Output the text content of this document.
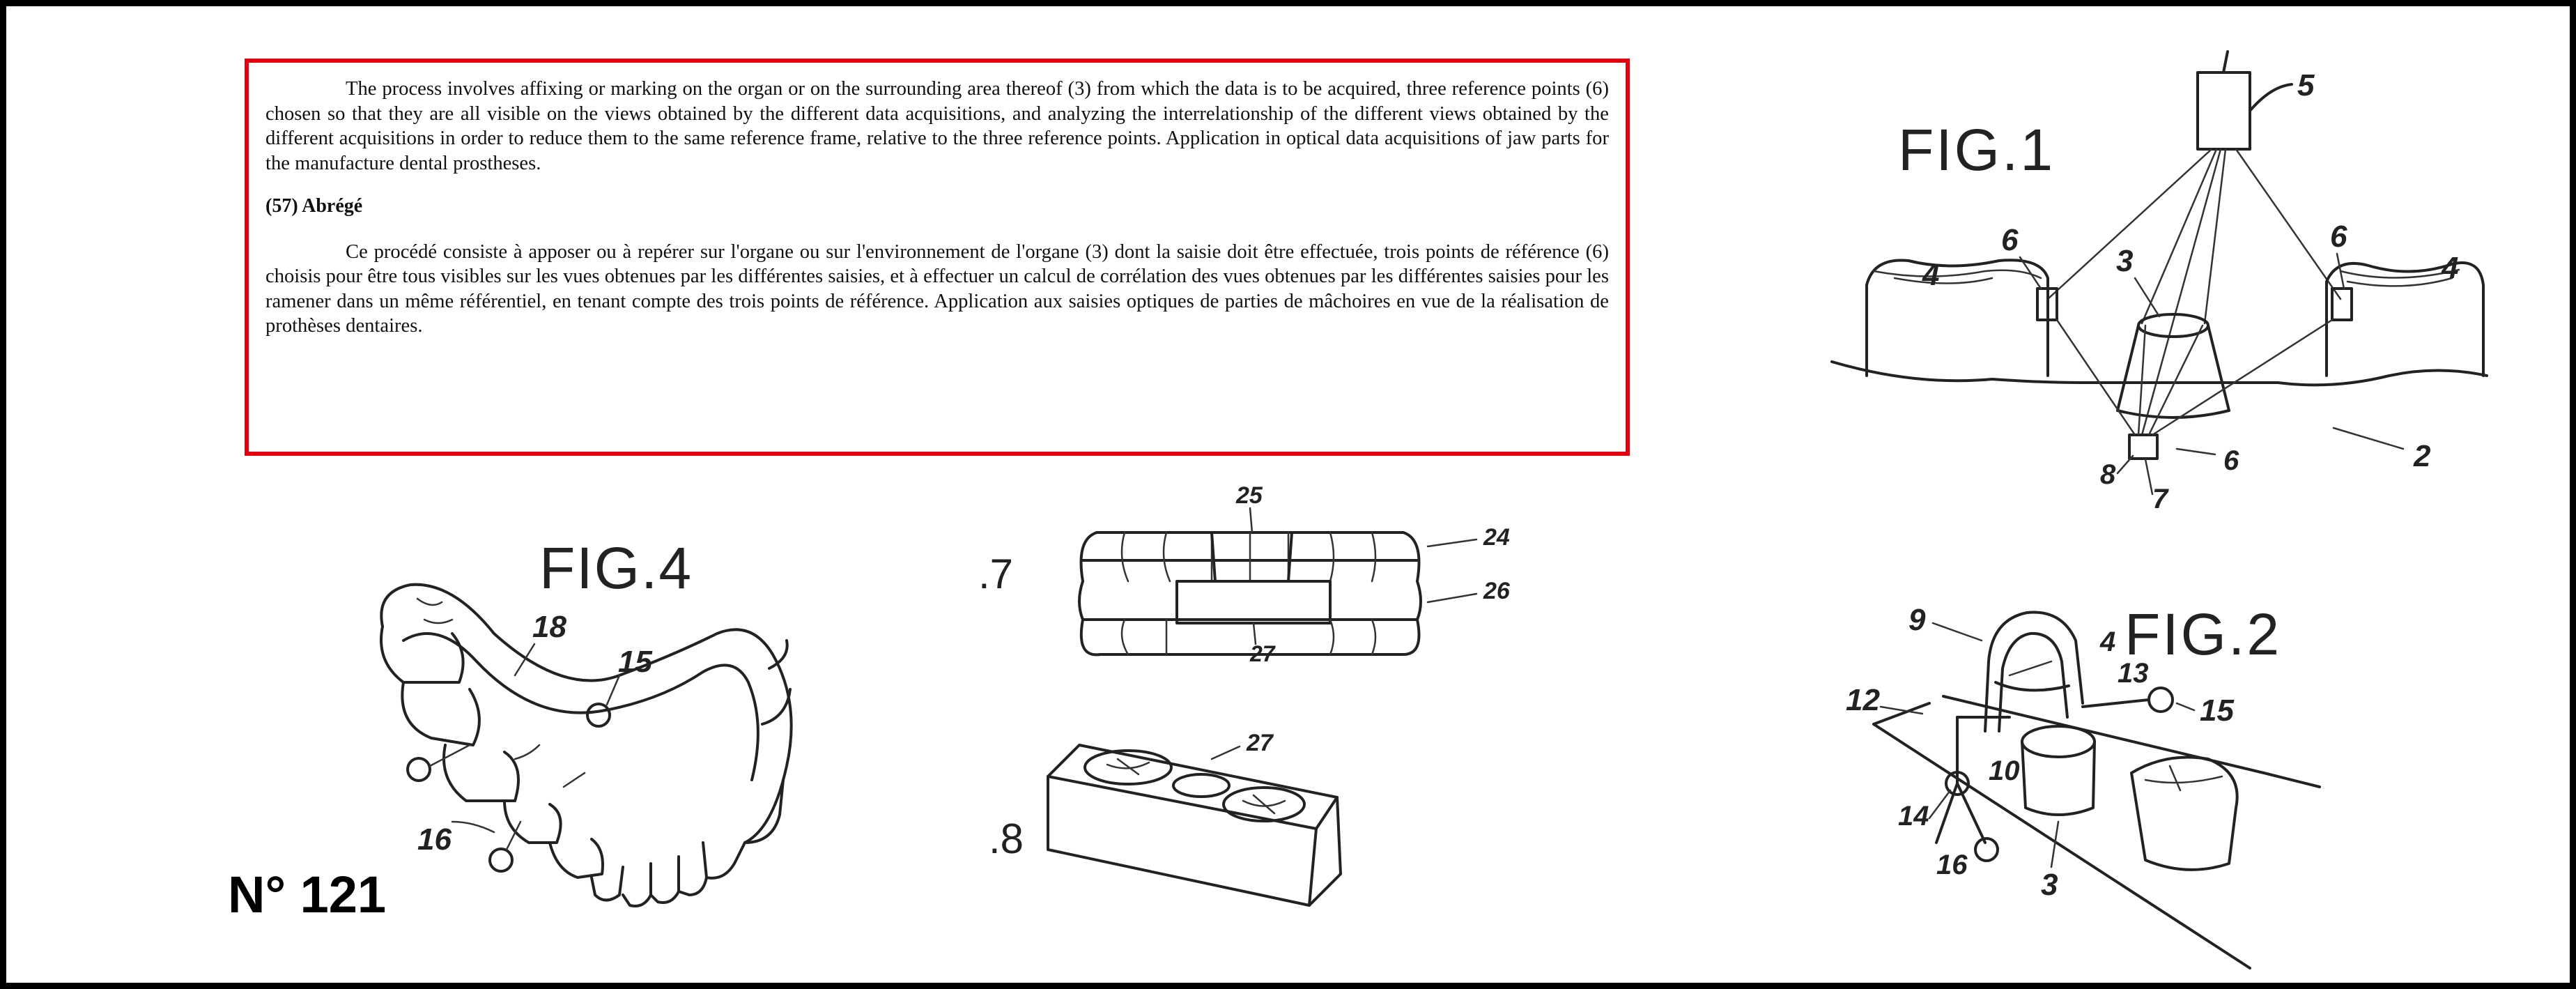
The process involves affixing or marking on the organ or on the surrounding area thereof (3) from which the data is to be acquired, three reference points (6) chosen so that they are all visible on the views obtained by the different data acquisitions, and analyzing the interrelationship of the different views obtained by the different acquisitions in order to reduce them to the same reference frame, relative to the three reference points. Application in optical data acquisitions of jaw parts for the manufacture dental prostheses.

(57) Abrégé

Ce procédé consiste à apposer ou à repérer sur l'organe ou sur l'environnement de l'organe (3) dont la saisie doit être effectuée, trois points de référence (6) choisis pour être tous visibles sur les vues obtenues par les différentes saisies, et à effectuer un calcul de corrélation des vues obtenues par les différentes saisies pour les ramener dans un même référentiel, en tenant compte des trois points de référence. Application aux saisies optiques de parties de mâchoires en vue de la réalisation de prothèses dentaires.

FIG.1
5
6
3
6
4	4
8
7
6	2
FIG.2
15
13
3
9
4
12
10
14
16
FIG.4
15
16
18
.7
25
24
26
27
.8
27
N° 121
